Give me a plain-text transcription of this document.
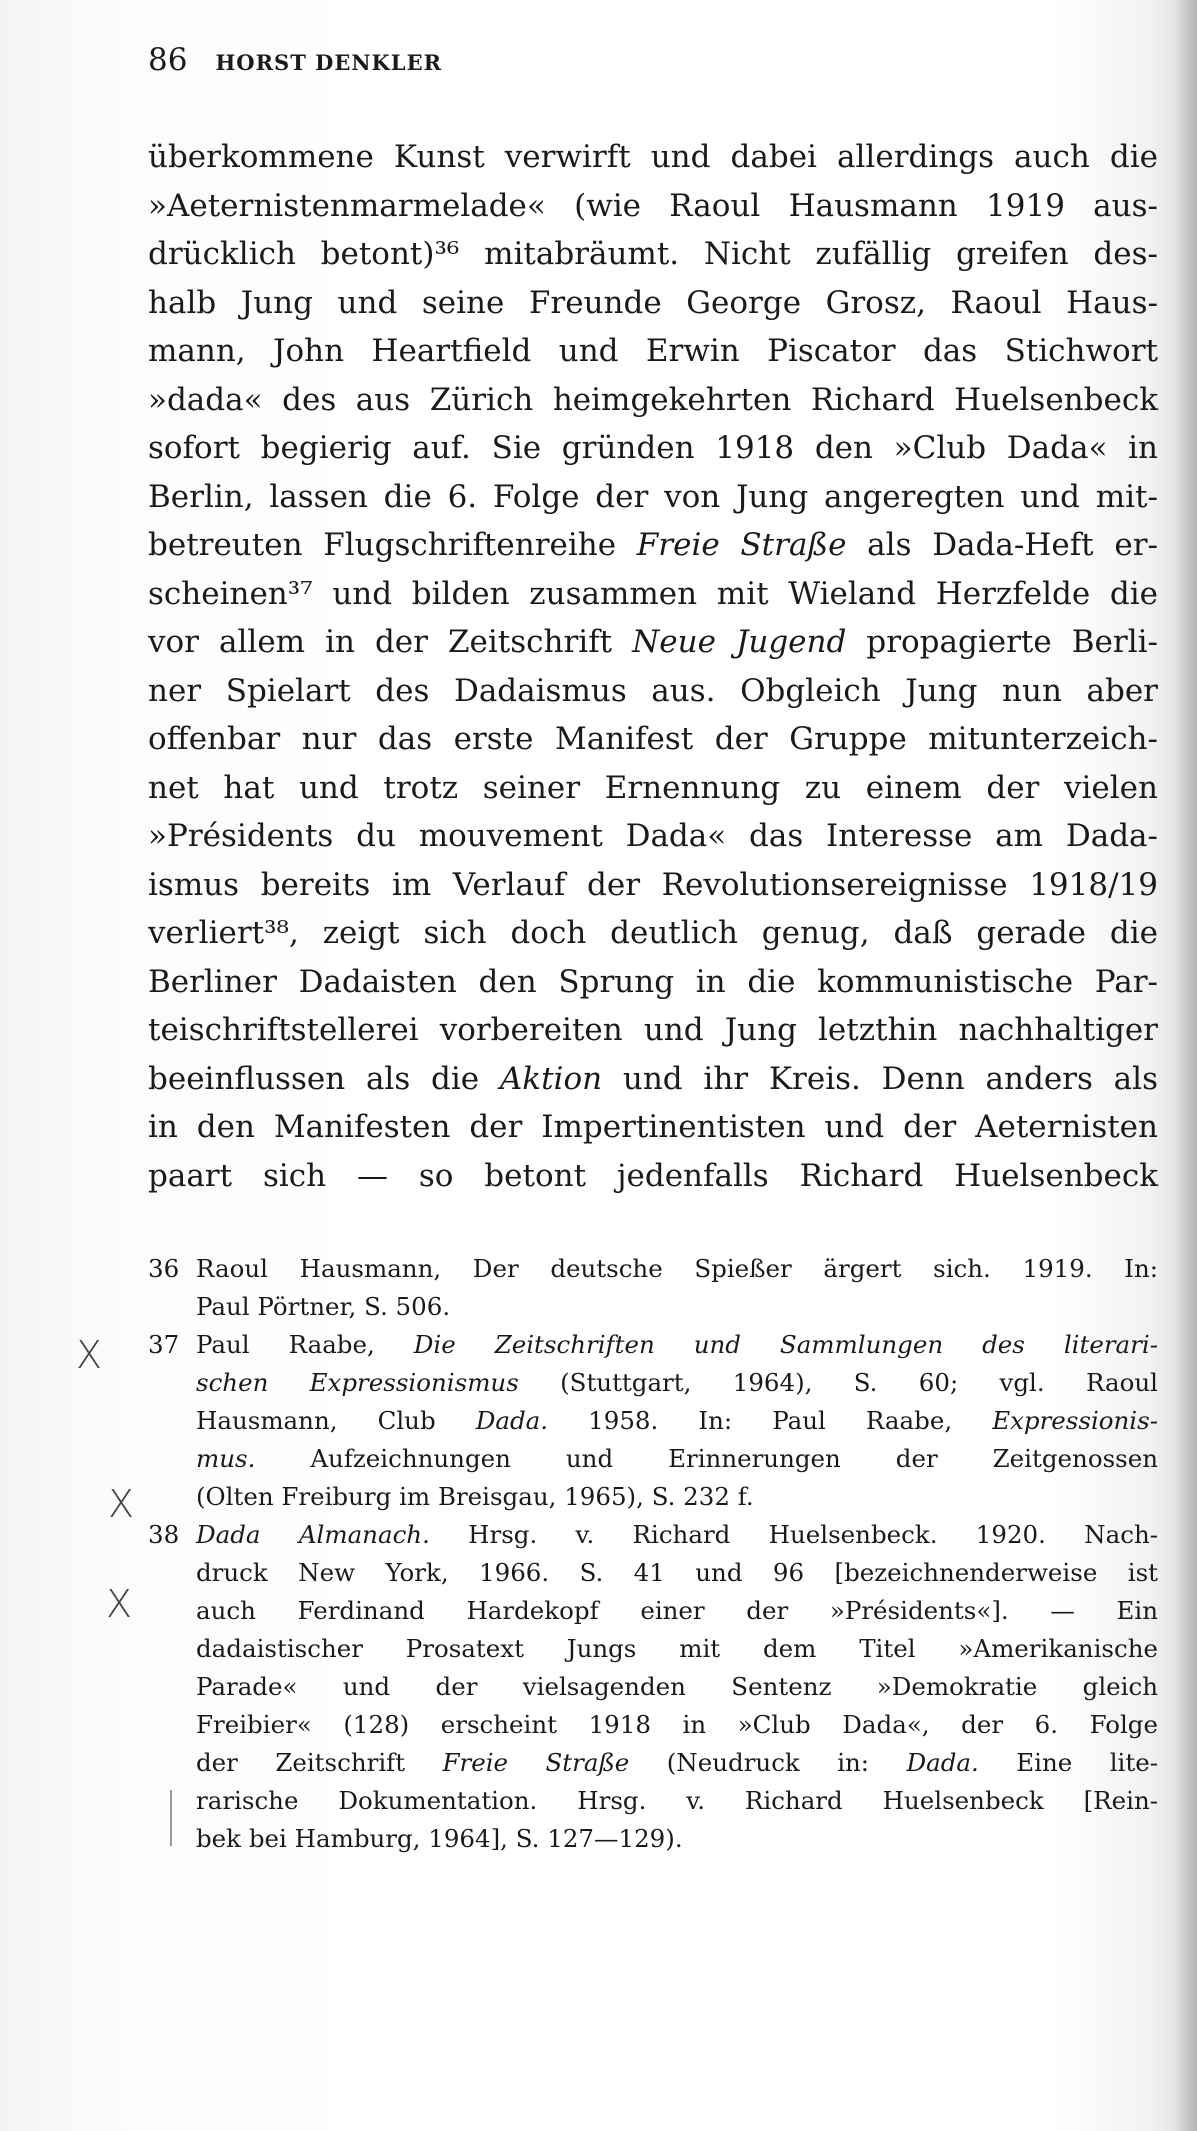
86 HORST DENKLER
überkommene Kunst verwirft und dabei allerdings auch die
»Aeternistenmarmelade« (wie Raoul Hausmann 1919 aus-
drücklich betont)³⁶ mitabräumt. Nicht zufällig greifen des-
halb Jung und seine Freunde George Grosz, Raoul Haus-
mann, John Heartfield und Erwin Piscator das Stichwort
»dada« des aus Zürich heimgekehrten Richard Huelsenbeck
sofort begierig auf. Sie gründen 1918 den »Club Dada« in
Berlin, lassen die 6. Folge der von Jung angeregten und mit-
betreuten Flugschriftenreihe Freie Straße als Dada-Heft er-
scheinen³⁷ und bilden zusammen mit Wieland Herzfelde die
vor allem in der Zeitschrift Neue Jugend propagierte Berli-
ner Spielart des Dadaismus aus. Obgleich Jung nun aber
offenbar nur das erste Manifest der Gruppe mitunterzeich-
net hat und trotz seiner Ernennung zu einem der vielen
»Présidents du mouvement Dada« das Interesse am Dada-
ismus bereits im Verlauf der Revolutionsereignisse 1918/19
verliert³⁸, zeigt sich doch deutlich genug, daß gerade die
Berliner Dadaisten den Sprung in die kommunistische Par-
teischriftstellerei vorbereiten und Jung letzthin nachhaltiger
beeinflussen als die Aktion und ihr Kreis. Denn anders als
in den Manifesten der Impertinentisten und der Aeternisten
paart sich — so betont jedenfalls Richard Huelsenbeck
36 Raoul Hausmann, Der deutsche Spießer ärgert sich. 1919. In:
Paul Pörtner, S. 506.
37 Paul Raabe, Die Zeitschriften und Sammlungen des literari-
schen Expressionismus (Stuttgart, 1964), S. 60; vgl. Raoul
Hausmann, Club Dada. 1958. In: Paul Raabe, Expressionis-
mus. Aufzeichnungen und Erinnerungen der Zeitgenossen
(Olten Freiburg im Breisgau, 1965), S. 232 f.
38 Dada Almanach. Hrsg. v. Richard Huelsenbeck. 1920. Nach-
druck New York, 1966. S. 41 und 96 [bezeichnenderweise ist
auch Ferdinand Hardekopf einer der »Présidents«]. — Ein
dadaistischer Prosatext Jungs mit dem Titel »Amerikanische
Parade« und der vielsagenden Sentenz »Demokratie gleich
Freibier« (128) erscheint 1918 in »Club Dada«, der 6. Folge
der Zeitschrift Freie Straße (Neudruck in: Dada. Eine lite-
rarische Dokumentation. Hrsg. v. Richard Huelsenbeck [Rein-
bek bei Hamburg, 1964], S. 127—129).
X
X
X
